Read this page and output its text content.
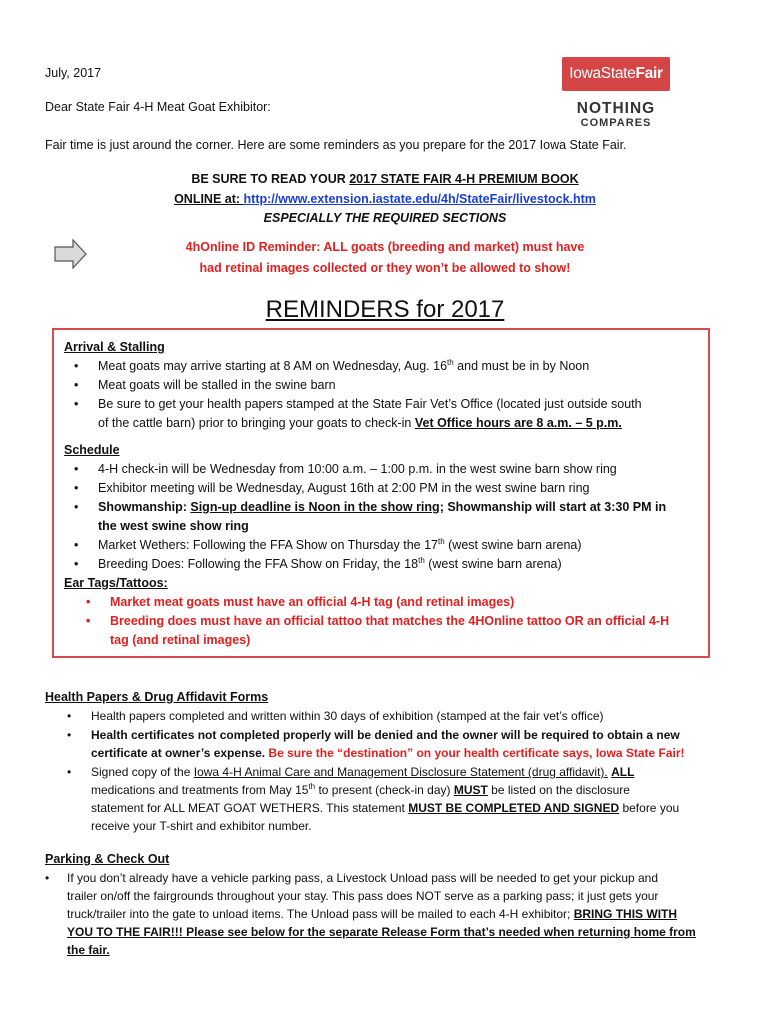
July, 2017
Dear State Fair 4-H Meat Goat Exhibitor:
Fair time is just around the corner. Here are some reminders as you prepare for the 2017 Iowa State Fair.
IowaStateFair
NOTHING
COMPARES
BE SURE TO READ YOUR 2017 STATE FAIR 4-H PREMIUM BOOK
ONLINE at: http://www.extension.iastate.edu/4h/StateFair/livestock.htm
ESPECIALLY THE REQUIRED SECTIONS
4hOnline ID Reminder: ALL goats (breeding and market) must have
had retinal images collected or they won’t be allowed to show!
REMINDERS for 2017
Arrival & Stalling
• Meat goats may arrive starting at 8 AM on Wednesday, Aug. 16th and must be in by Noon
• Meat goats will be stalled in the swine barn
• Be sure to get your health papers stamped at the State Fair Vet’s Office (located just outside south
of the cattle barn) prior to bringing your goats to check-in Vet Office hours are 8 a.m. – 5 p.m.
Schedule
• 4-H check-in will be Wednesday from 10:00 a.m. – 1:00 p.m. in the west swine barn show ring
• Exhibitor meeting will be Wednesday, August 16th at 2:00 PM in the west swine barn ring
• Showmanship: Sign-up deadline is Noon in the show ring; Showmanship will start at 3:30 PM in
the west swine show ring
• Market Wethers: Following the FFA Show on Thursday the 17th (west swine barn arena)
• Breeding Does: Following the FFA Show on Friday, the 18th (west swine barn arena)
Ear Tags/Tattoos:
• Market meat goats must have an official 4-H tag (and retinal images)
• Breeding does must have an official tattoo that matches the 4HOnline tattoo OR an official 4-H
tag (and retinal images)
Health Papers & Drug Affidavit Forms
• Health papers completed and written within 30 days of exhibition (stamped at the fair vet’s office)
• Health certificates not completed properly will be denied and the owner will be required to obtain a new
certificate at owner’s expense. Be sure the “destination” on your health certificate says, Iowa State Fair!
• Signed copy of the Iowa 4-H Animal Care and Management Disclosure Statement (drug affidavit). ALL
medications and treatments from May 15th to present (check-in day) MUST be listed on the disclosure
statement for ALL MEAT GOAT WETHERS. This statement MUST BE COMPLETED AND SIGNED before you
receive your T-shirt and exhibitor number.
Parking & Check Out
• If you don’t already have a vehicle parking pass, a Livestock Unload pass will be needed to get your pickup and
trailer on/off the fairgrounds throughout your stay. This pass does NOT serve as a parking pass; it just gets your
truck/trailer into the gate to unload items. The Unload pass will be mailed to each 4-H exhibitor; BRING THIS WITH
YOU TO THE FAIR!!! Please see below for the separate Release Form that’s needed when returning home from
the fair.
